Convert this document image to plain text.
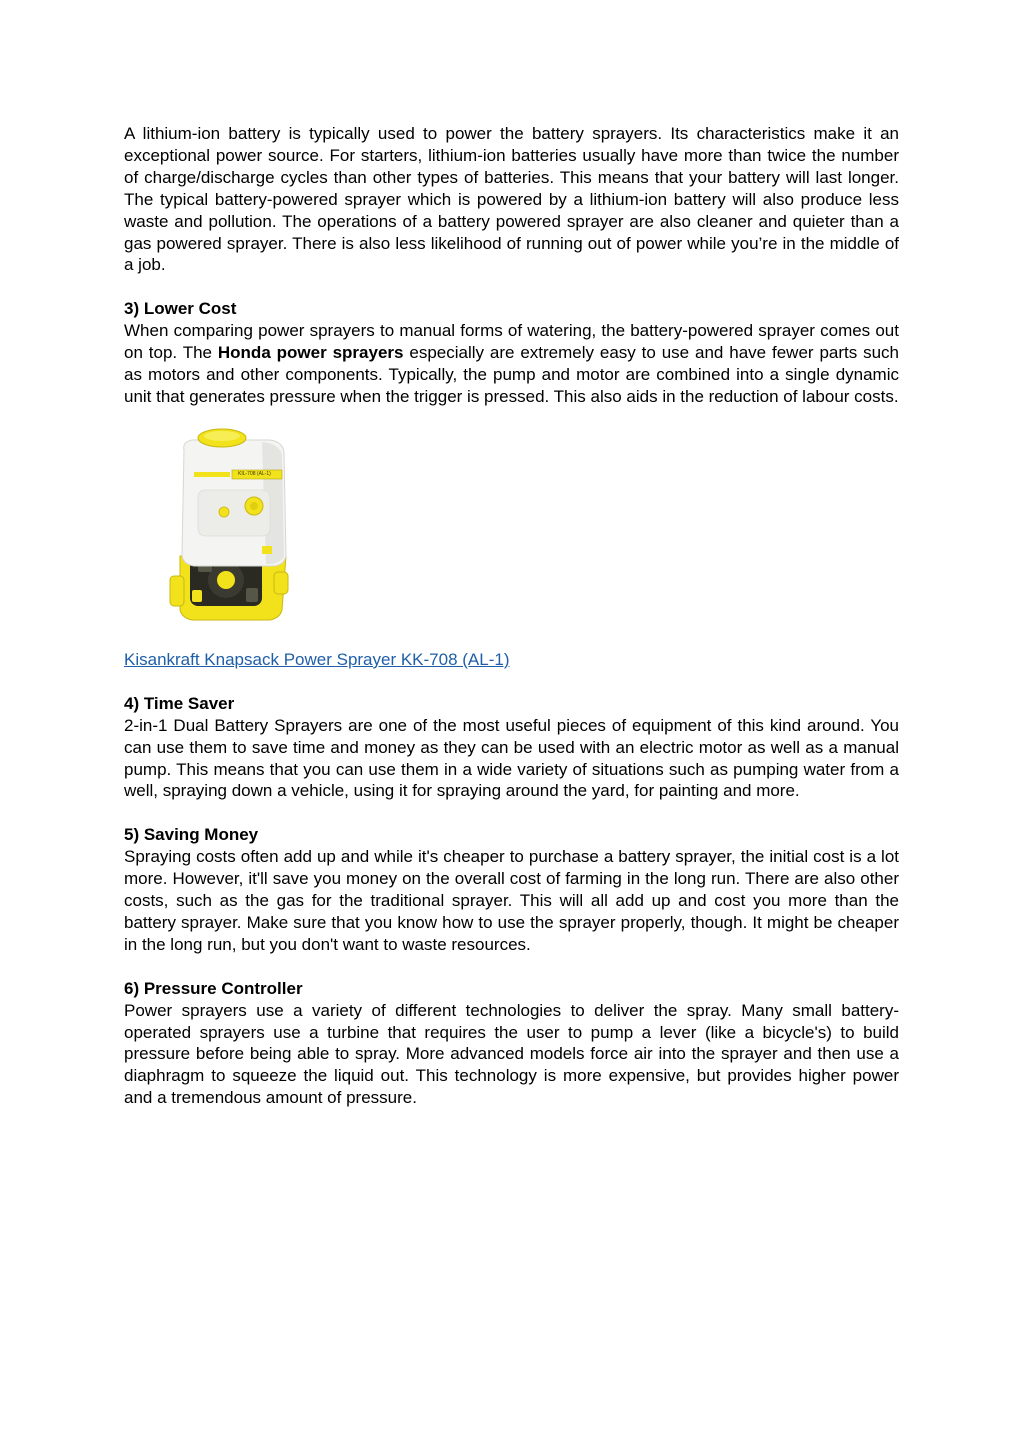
A lithium-ion battery is typically used to power the battery sprayers. Its characteristics make it an exceptional power source. For starters, lithium-ion batteries usually have more than twice the number of charge/discharge cycles than other types of batteries. This means that your battery will last longer. The typical battery-powered sprayer which is powered by a lithium-ion battery will also produce less waste and pollution. The operations of a battery powered sprayer are also cleaner and quieter than a gas powered sprayer. There is also less likelihood of running out of power while you’re in the middle of a job.

3) Lower Cost

When comparing power sprayers to manual forms of watering, the battery-powered sprayer comes out on top. The Honda power sprayers especially are extremely easy to use and have fewer parts such as motors and other components. Typically, the pump and motor are combined into a single dynamic unit that generates pressure when the trigger is pressed. This also aids in the reduction of labour costs.

KIL-708 (AL-1)
Kisankraft Knapsack Power Sprayer KK-708 (AL-1)
4) Time Saver

2-in-1 Dual Battery Sprayers are one of the most useful pieces of equipment of this kind around. You can use them to save time and money as they can be used with an electric motor as well as a manual pump. This means that you can use them in a wide variety of situations such as pumping water from a well, spraying down a vehicle, using it for spraying around the yard, for painting and more.

5) Saving Money

Spraying costs often add up and while it's cheaper to purchase a battery sprayer, the initial cost is a lot more. However, it'll save you money on the overall cost of farming in the long run. There are also other costs, such as the gas for the traditional sprayer. This will all add up and cost you more than the battery sprayer. Make sure that you know how to use the sprayer properly, though. It might be cheaper in the long run, but you don't want to waste resources.

6) Pressure Controller

Power sprayers use a variety of different technologies to deliver the spray. Many small battery-operated sprayers use a turbine that requires the user to pump a lever (like a bicycle's) to build pressure before being able to spray. More advanced models force air into the sprayer and then use a diaphragm to squeeze the liquid out. This technology is more expensive, but provides higher power and a tremendous amount of pressure.
